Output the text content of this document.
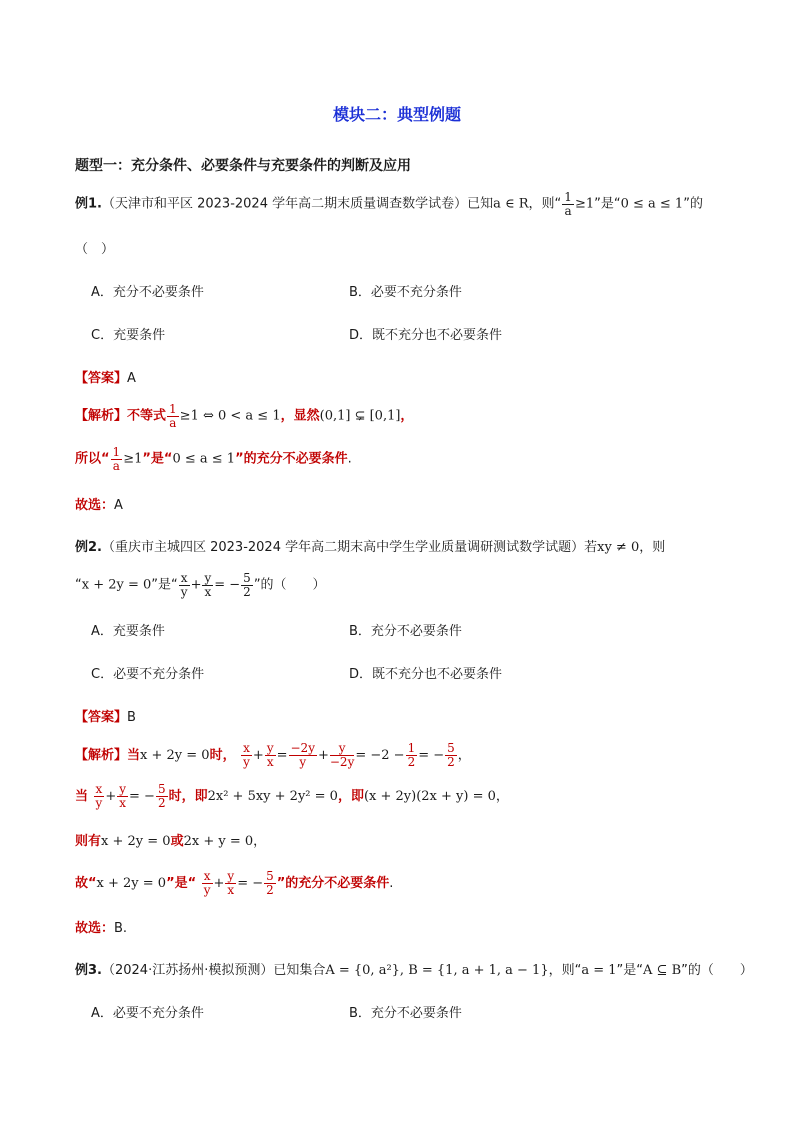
模块二：典型例题
题型一：充分条件、必要条件与充要条件的判断及应用
例1.（天津市和平区 2023-2024 学年高二期末质量调查数学试卷）已知a ∈ R，则“ $\frac{1}{a} \ge 1$”是“0 ≤ a ≤ 1”的
（　）
A．充分不必要条件	B．必要不充分条件
C．充要条件	D．既不充分也不必要条件
【答案】A
【解析】不等式 $\frac{1}{a} \ge 1$ ⇔ 0 < a ≤ 1，显然(0,1] ⊊ [0,1]，
所以“ $\frac{1}{a} \ge 1$”是“0 ≤ a ≤ 1”的充分不必要条件.
故选：A
例2.（重庆市主城四区 2023-2024 学年高二期末高中学生学业质量调研测试数学试题）若xy ≠ 0，则
“x + 2y = 0”是“ $\frac{x}{y} + \frac{y}{x}$ = − $\frac{5}{2}$ ”的（　　）
A．充要条件	B．充分不必要条件
C．必要不充分条件	D．既不充分也不必要条件
【答案】B
【解析】当x + 2y = 0时， $\frac{x}{y} + \frac{y}{x} = \frac{-2y}{y} + \frac{y}{-2y} = -2 - \frac{1}{2}$ = − $\frac{5}{2}$ ，
当 $\frac{x}{y} + \frac{y}{x}$ = − $\frac{5}{2}$ 时，即2x² + 5xy + 2y² = 0，即(x + 2y)(2x + y) = 0，
则有x + 2y = 0或2x + y = 0，
故“x + 2y = 0”是“ $\frac{x}{y} + \frac{y}{x}$ = − $\frac{5}{2}$ ”的充分不必要条件.
故选：B.
例3.（2024·江苏扬州·模拟预测）已知集合A = {0, a²}, B = {1, a + 1, a − 1}，则“a = 1”是“A ⊆ B”的（　　）
A．必要不充分条件	B．充分不必要条件
